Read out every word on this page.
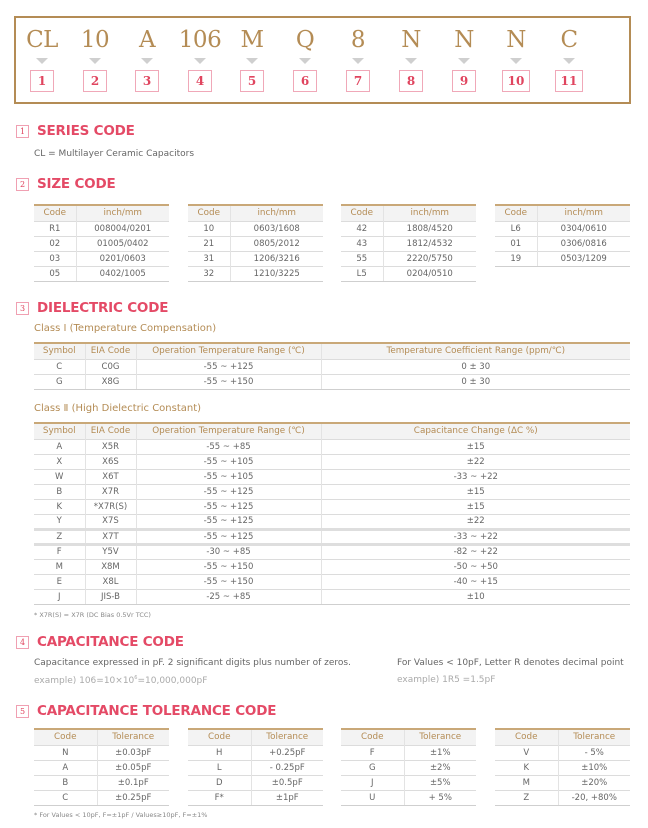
CL
1
10
2
A
3
106
4
M
5
Q
6
8
7
N
8
N
9
N
10
C
11
1 SERIES CODE
CL = Multilayer Ceramic Capacitors
2 SIZE CODE
Code	inch/mm
R1	008004/0201
02	01005/0402
03	0201/0603
05	0402/1005
Code	inch/mm
10	0603/1608
21	0805/2012
31	1206/3216
32	1210/3225
Code	inch/mm
42	1808/4520
43	1812/4532
55	2220/5750
L5	0204/0510
Code	inch/mm
L6	0304/0610
01	0306/0816
19	0503/1209
3 DIELECTRIC CODE
Class Ⅰ (Temperature Compensation)
Symbol	EIA Code	Operation Temperature Range (℃)	Temperature Coefficient Range (ppm/℃)
C	C0G	-55 ~ +125	0 ± 30
G	X8G	-55 ~ +150	0 ± 30
Class Ⅱ (High Dielectric Constant)
Symbol	EIA Code	Operation Temperature Range (℃)	Capacitance Change (ΔC %)
A	X5R	-55 ~ +85	±15
X	X6S	-55 ~ +105	±22
W	X6T	-55 ~ +105	-33 ~ +22
B	X7R	-55 ~ +125	±15
K	*X7R(S)	-55 ~ +125	±15
Y	X7S	-55 ~ +125	±22
Z	X7T	-55 ~ +125	-33 ~ +22
F	Y5V	-30 ~ +85	-82 ~ +22
M	X8M	-55 ~ +150	-50 ~ +50
E	X8L	-55 ~ +150	-40 ~ +15
J	JIS-B	-25 ~ +85	±10
* X7R(S) = X7R (DC Bias 0.5Vr TCC)
4 CAPACITANCE CODE
Capacitance expressed in pF. 2 significant digits plus number of zeros.
example) $106=10\times 10^6=10,000,000pF$
For Values < 10pF, Letter R denotes decimal point
example) 1R5 =1.5pF
5 CAPACITANCE TOLERANCE CODE
Code	Tolerance
N	±0.03pF
A	±0.05pF
B	±0.1pF
C	±0.25pF
Code	Tolerance
H	+0.25pF
L	- 0.25pF
D	±0.5pF
F*	±1pF
Code	Tolerance
F	±1%
G	±2%
J	±5%
U	+ 5%
Code	Tolerance
V	- 5%
K	±10%
M	±20%
Z	-20, +80%
* For Values < 10pF, F=±1pF / Values≥10pF, F=±1%
